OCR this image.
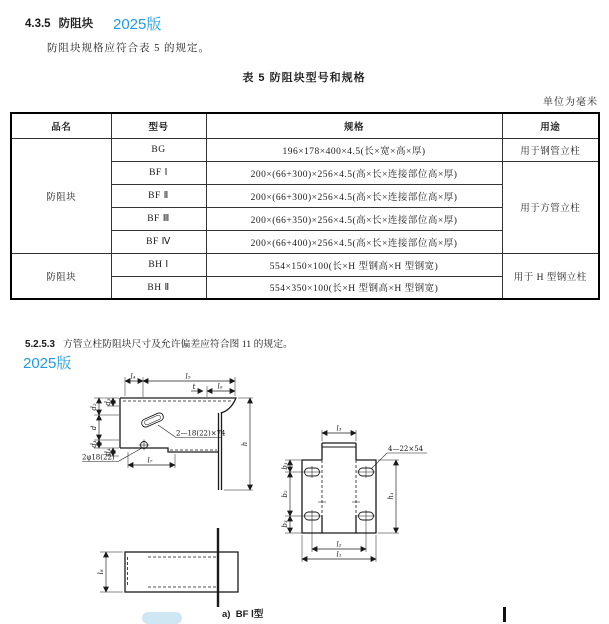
4.3.5 防阻块 2025版
防阻块规格应符合表 5 的规定。
表 5 防阻块型号和规格
单位为毫米
品名	型号	规格	用途
防阻块	BG	196×178×400×4.5(长×宽×高×厚)	用于钢管立柱
	BF Ⅰ	200×(66+300)×256×4.5(高×长×连接部位高×厚)	用于方管立柱
	BF Ⅱ	200×(66+300)×256×4.5(高×长×连接部位高×厚)	
	BF Ⅲ	200×(66+350)×256×4.5(高×长×连接部位高×厚)	
	BF Ⅳ	200×(66+400)×256×4.5(高×长×连接部位高×厚)	
防阻块	BH Ⅰ	554×150×100(长×H 型钢高×H 型钢宽)	用于 H 型钢立柱
	BH Ⅱ	554×350×100(长×H 型钢高×H 型钢宽)	
5.2.5.3 方管立柱防阻块尺寸及允许偏差应符合图 11 的规定。
2025版
2—18(22)×74
2φ18(22)
l₄	l₅
t	l₆
d₂
d
d₁
d₃
d₄
h
l₇
4—22×54
l₃
b₁
b₂
b₃
h₁
l₂
l₁
l₈
a)  BF Ⅰ型
